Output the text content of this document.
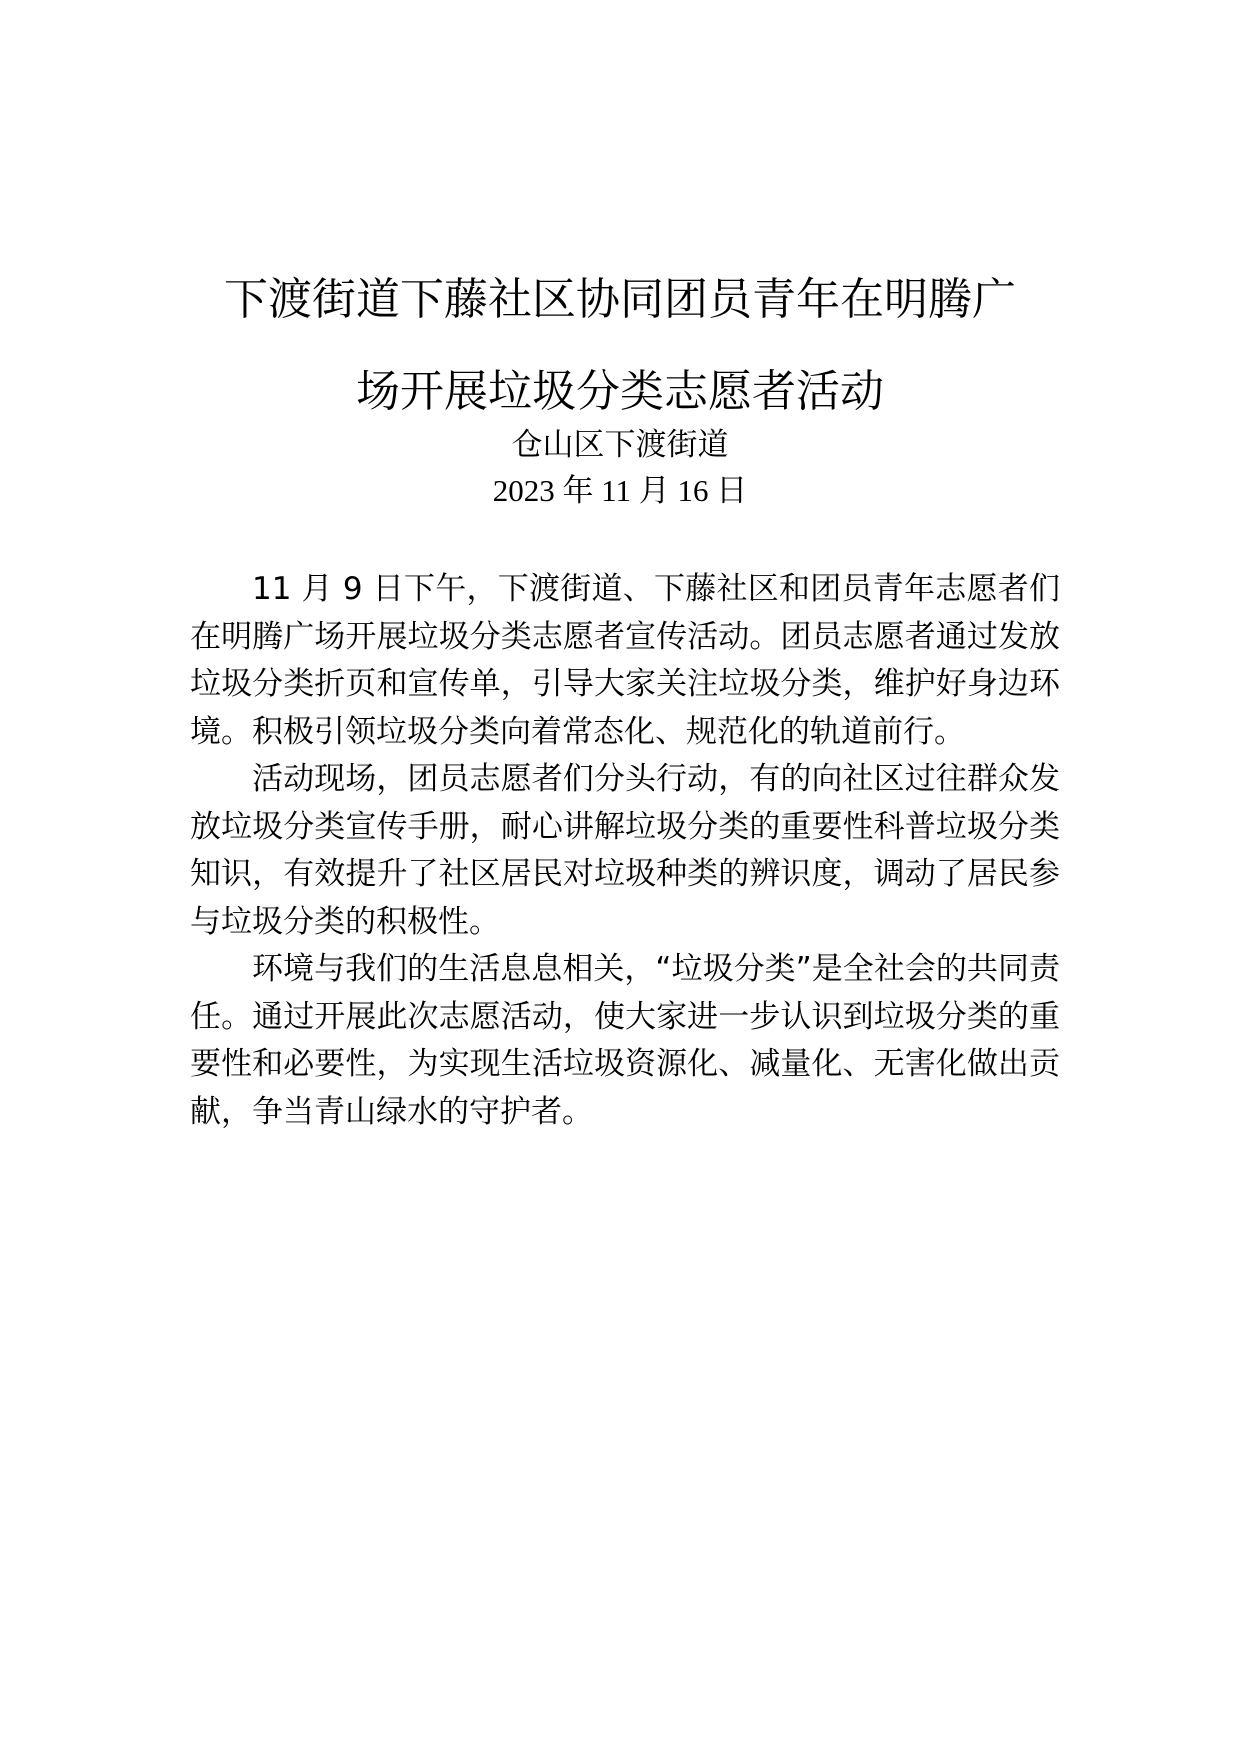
下渡街道下藤社区协同团员青年在明腾广
场开展垃圾分类志愿者活动

仓山区下渡街道

2023 年 11 月 16 日

11 月 9 日下午，下渡街道、下藤社区和团员青年志愿者们在明腾广场开展垃圾分类志愿者宣传活动。团员志愿者通过发放垃圾分类折页和宣传单，引导大家关注垃圾分类，维护好身边环境。积极引领垃圾分类向着常态化、规范化的轨道前行。

活动现场，团员志愿者们分头行动，有的向社区过往群众发放垃圾分类宣传手册，耐心讲解垃圾分类的重要性科普垃圾分类知识，有效提升了社区居民对垃圾种类的辨识度，调动了居民参与垃圾分类的积极性。

环境与我们的生活息息相关，“垃圾分类”是全社会的共同责任。通过开展此次志愿活动，使大家进一步认识到垃圾分类的重要性和必要性，为实现生活垃圾资源化、减量化、无害化做出贡献，争当青山绿水的守护者。
